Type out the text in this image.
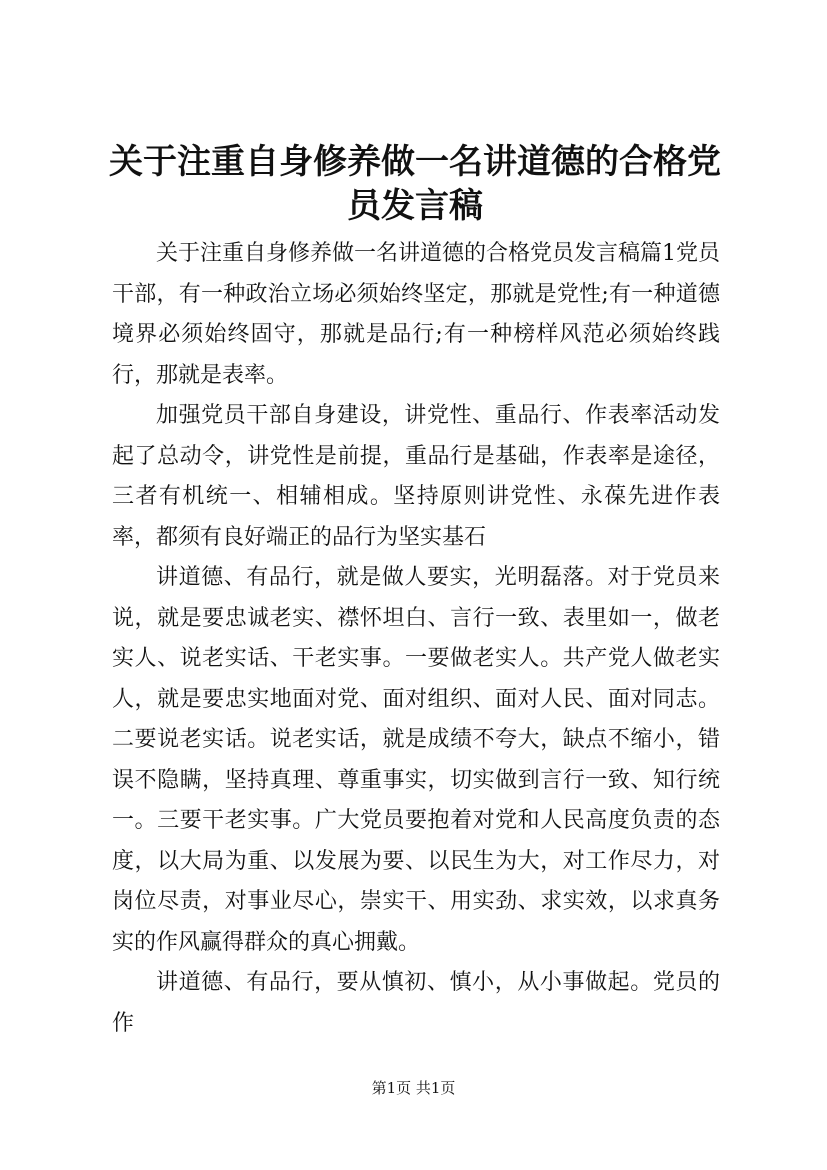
关于注重自身修养做一名讲道德的合格党员发言稿

关于注重自身修养做一名讲道德的合格党员发言稿篇1党员干部，有一种政治立场必须始终坚定，那就是党性;有一种道德境界必须始终固守，那就是品行;有一种榜样风范必须始终践行，那就是表率。

加强党员干部自身建设，讲党性、重品行、作表率活动发起了总动令，讲党性是前提，重品行是基础，作表率是途径，三者有机统一、相辅相成。坚持原则讲党性、永葆先进作表率，都须有良好端正的品行为坚实基石

讲道德、有品行，就是做人要实，光明磊落。对于党员来说，就是要忠诚老实、襟怀坦白、言行一致、表里如一，做老实人、说老实话、干老实事。一要做老实人。共产党人做老实人，就是要忠实地面对党、面对组织、面对人民、面对同志。二要说老实话。说老实话，就是成绩不夸大，缺点不缩小，错误不隐瞒，坚持真理、尊重事实，切实做到言行一致、知行统一。三要干老实事。广大党员要抱着对党和人民高度负责的态度，以大局为重、以发展为要、以民生为大，对工作尽力，对岗位尽责，对事业尽心，崇实干、用实劲、求实效，以求真务实的作风赢得群众的真心拥戴。

讲道德、有品行，要从慎初、慎小，从小事做起。党员的作

第1页 共1页
